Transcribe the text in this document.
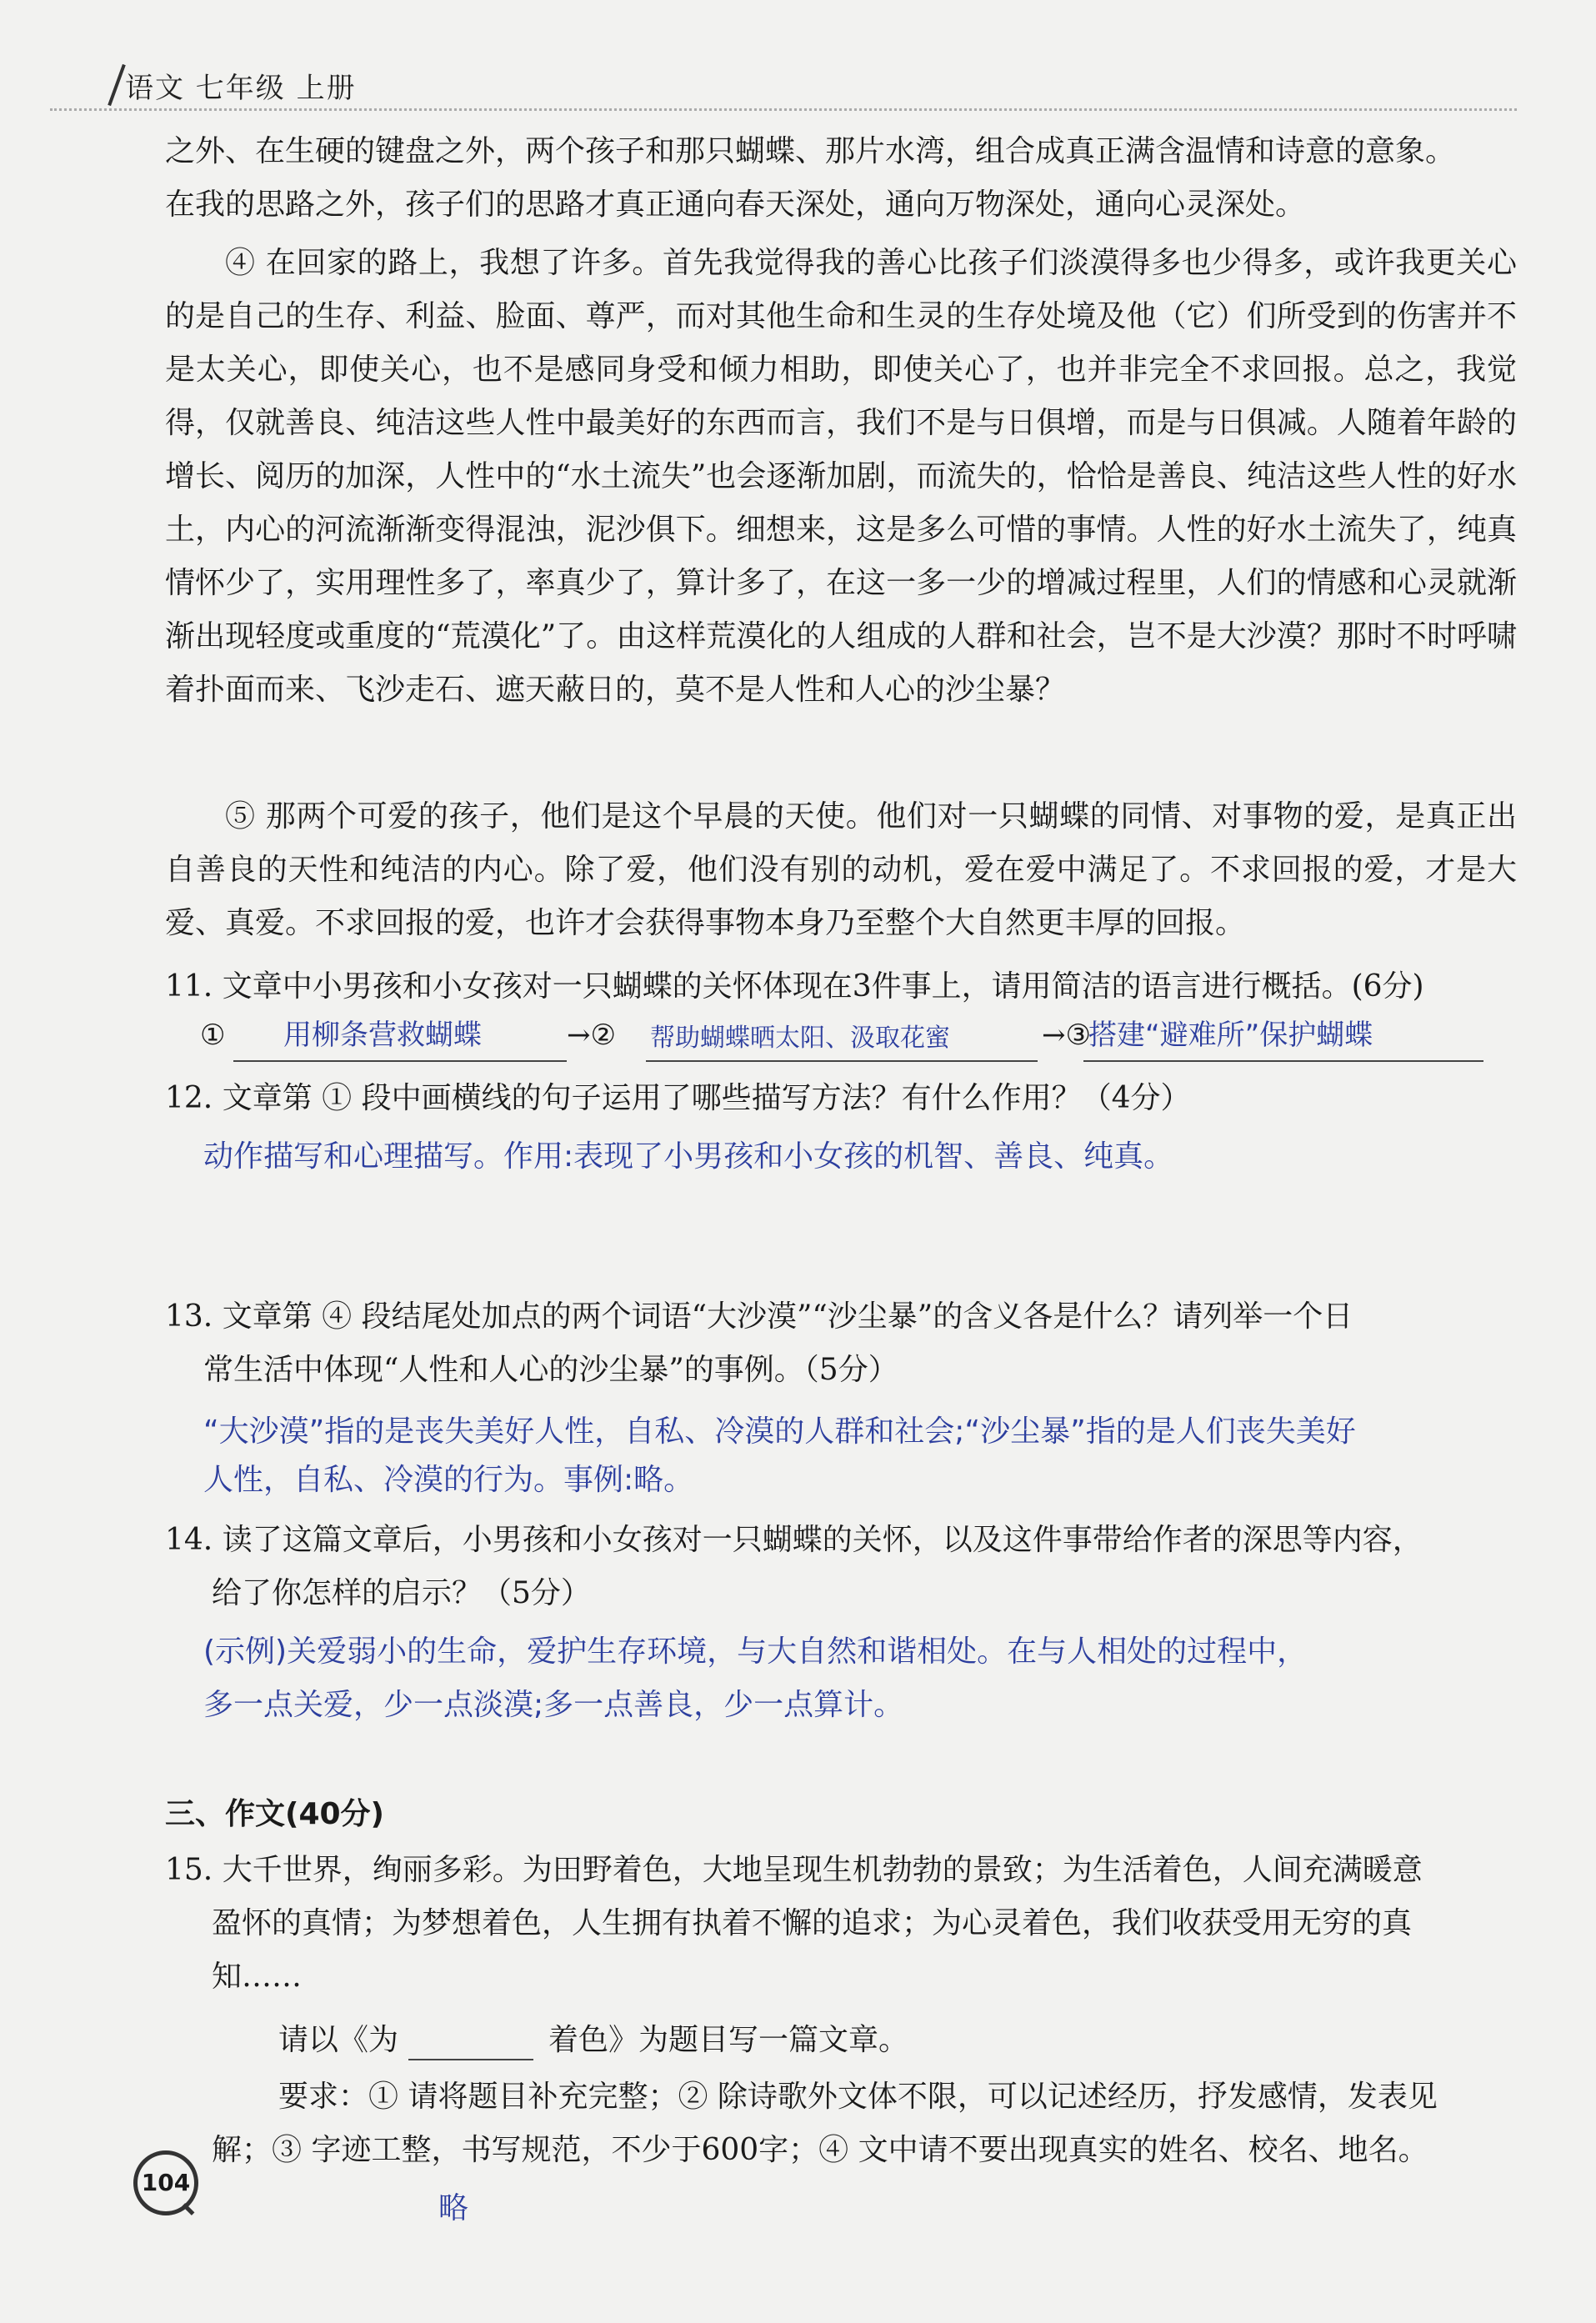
语文 七年级 上册

之外、在生硬的键盘之外，两个孩子和那只蝴蝶、那片水湾，组合成真正满含温情和诗意的意象。

在我的思路之外，孩子们的思路才真正通向春天深处，通向万物深处，通向心灵深处。

④ 在回家的路上，我想了许多。首先我觉得我的善心比孩子们淡漠得多也少得多，或许我更关心的是自己的生存、利益、脸面、尊严，而对其他生命和生灵的生存处境及他（它）们所受到的伤害并不是太关心，即使关心，也不是感同身受和倾力相助，即使关心了，也并非完全不求回报。总之，我觉得，仅就善良、纯洁这些人性中最美好的东西而言，我们不是与日俱增，而是与日俱减。人随着年龄的增长、阅历的加深，人性中的“水土流失”也会逐渐加剧，而流失的，恰恰是善良、纯洁这些人性的好水土，内心的河流渐渐变得混浊，泥沙俱下。细想来，这是多么可惜的事情。人性的好水土流失了，纯真情怀少了，实用理性多了，率真少了，算计多了，在这一多一少的增减过程里，人们的情感和心灵就渐渐出现轻度或重度的“荒漠化”了。由这样荒漠化的人组成的人群和社会，岂不是大沙漠？那时不时呼啸着扑面而来、飞沙走石、遮天蔽日的，莫不是人性和人心的沙尘暴？

⑤ 那两个可爱的孩子，他们是这个早晨的天使。他们对一只蝴蝶的同情、对事物的爱，是真正出自善良的天性和纯洁的内心。除了爱，他们没有别的动机，爱在爱中满足了。不求回报的爱，才是大爱、真爱。不求回报的爱，也许才会获得事物本身乃至整个大自然更丰厚的回报。

11. 文章中小男孩和小女孩对一只蝴蝶的关怀体现在3件事上，请用简洁的语言进行概括。(6分)

① 用柳条营救蝴蝶	→② 帮助蝴蝶晒太阳、汲取花蜜	→③
搭建“避难所”保护蝴蝶

12. 文章第 ① 段中画横线的句子运用了哪些描写方法？有什么作用？（4分）

动作描写和心理描写。作用:表现了小男孩和小女孩的机智、善良、纯真。

13. 文章第 ④ 段结尾处加点的两个词语“大沙漠”“沙尘暴”的含义各是什么？请列举一个日

常生活中体现“人性和人心的沙尘暴”的事例。（5分）

“大沙漠”指的是丧失美好人性，自私、冷漠的人群和社会;“沙尘暴”指的是人们丧失美好
人性，自私、冷漠的行为。事例:略。

14. 读了这篇文章后，小男孩和小女孩对一只蝴蝶的关怀，以及这件事带给作者的深思等内容，

给了你怎样的启示？（5分）

(示例)关爱弱小的生命，爱护生存环境，与大自然和谐相处。在与人相处的过程中，
多一点关爱，少一点淡漠;多一点善良，少一点算计。
三、作文(40分)

15. 大千世界，绚丽多彩。为田野着色，大地呈现生机勃勃的景致；为生活着色，人间充满暖意

盈怀的真情；为梦想着色，人生拥有执着不懈的追求；为心灵着色，我们收获受用无穷的真

知……

请以《为	着色》为题目写一篇文章。

要求：① 请将题目补充完整；② 除诗歌外文体不限，可以记述经历，抒发感情，发表见

解；③ 字迹工整，书写规范，不少于600字；④ 文中请不要出现真实的姓名、校名、地名。

略
104
